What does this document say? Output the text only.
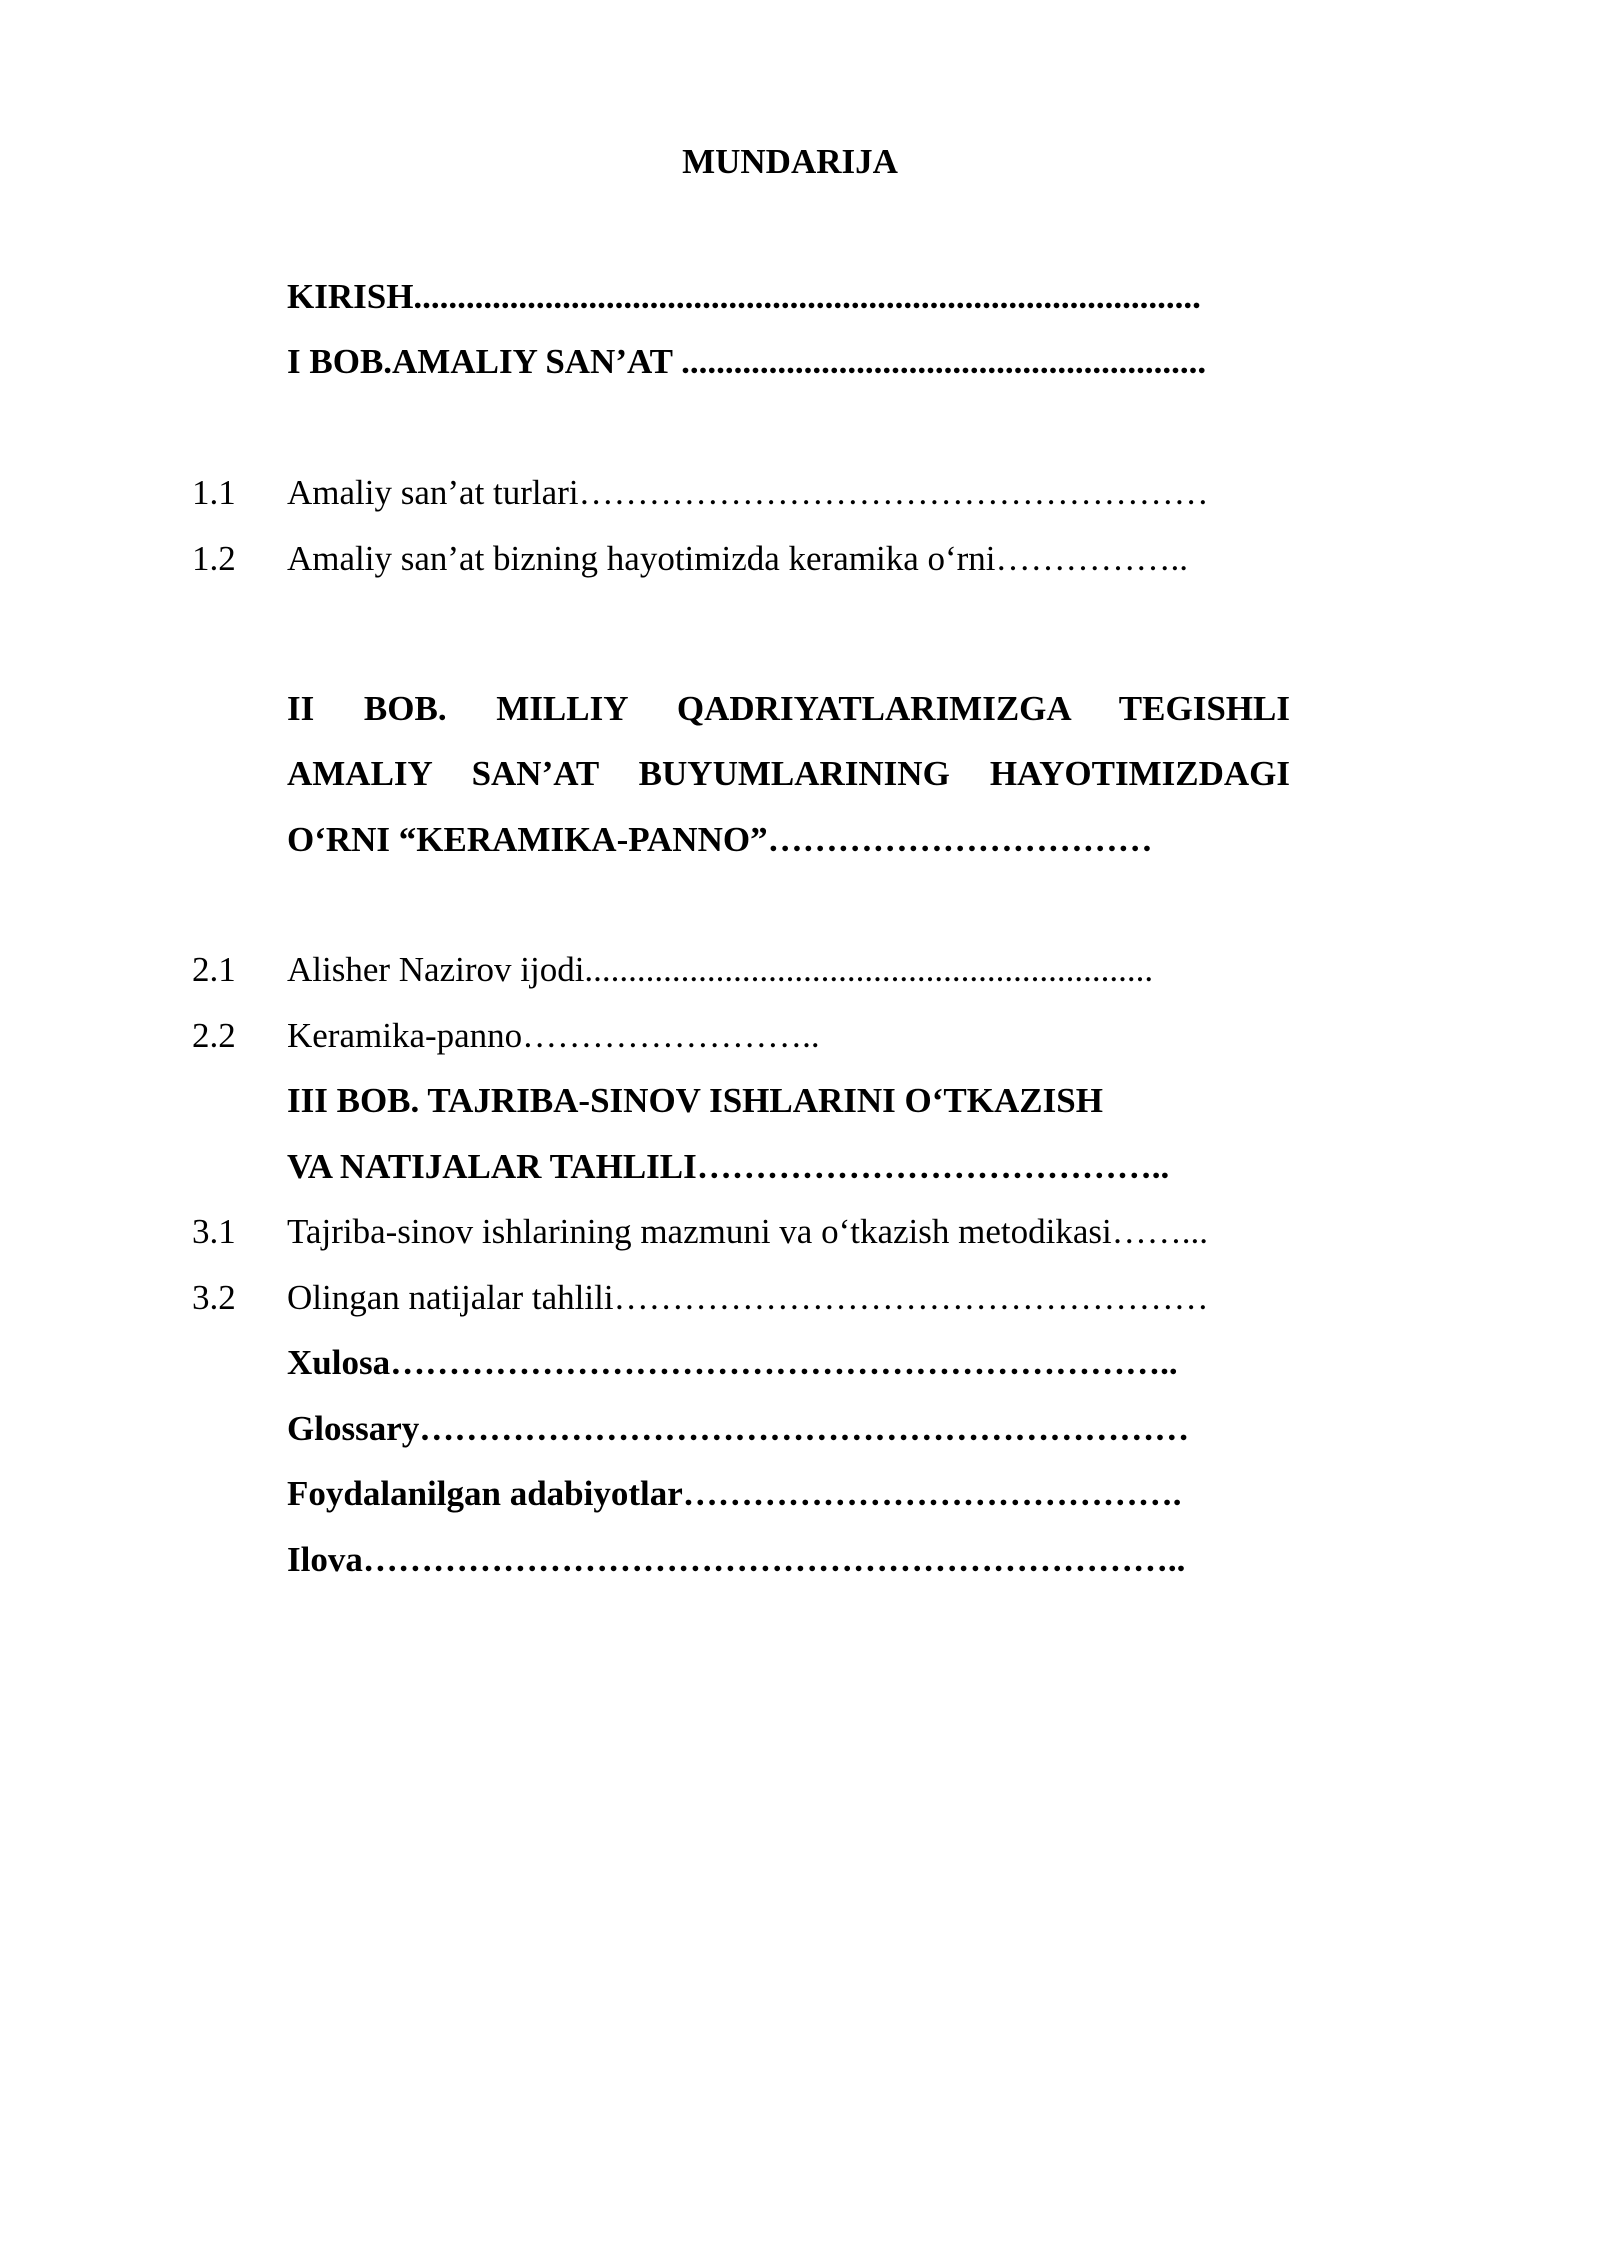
MUNDARIJA
KIRISH..........................................................................................
I BOB.AMALIY SAN’AT ............................................................
1.1 Amaliy san’at turlari………………………………………………
1.2 Amaliy san’at bizning hayotimizda keramika o‘rni……………..
II BOB. MILLIY QADRIYATLARIMIZGA TEGISHLI
AMALIY SAN’AT BUYUMLARINING HAYOTIMIZDAGI
O‘RNI “KERAMIKA-PANNO”……………………………
2.1 Alisher Nazirov ijodi.................................................................
2.2 Keramika-panno……………………..
III BOB. TAJRIBA-SINOV ISHLARINI O‘TKAZISH
VA NATIJALAR TAHLILI…………………………………..
3.1 Tajriba-sinov ishlarining mazmuni va o‘tkazish metodikasi……...
3.2 Olingan natijalar tahlili……………………………………………
Xulosa…………………………………………………………..
Glossary…………………………………………………………
Foydalanilgan adabiyotlar…………………………………….
Ilova……………………………………………………………..
